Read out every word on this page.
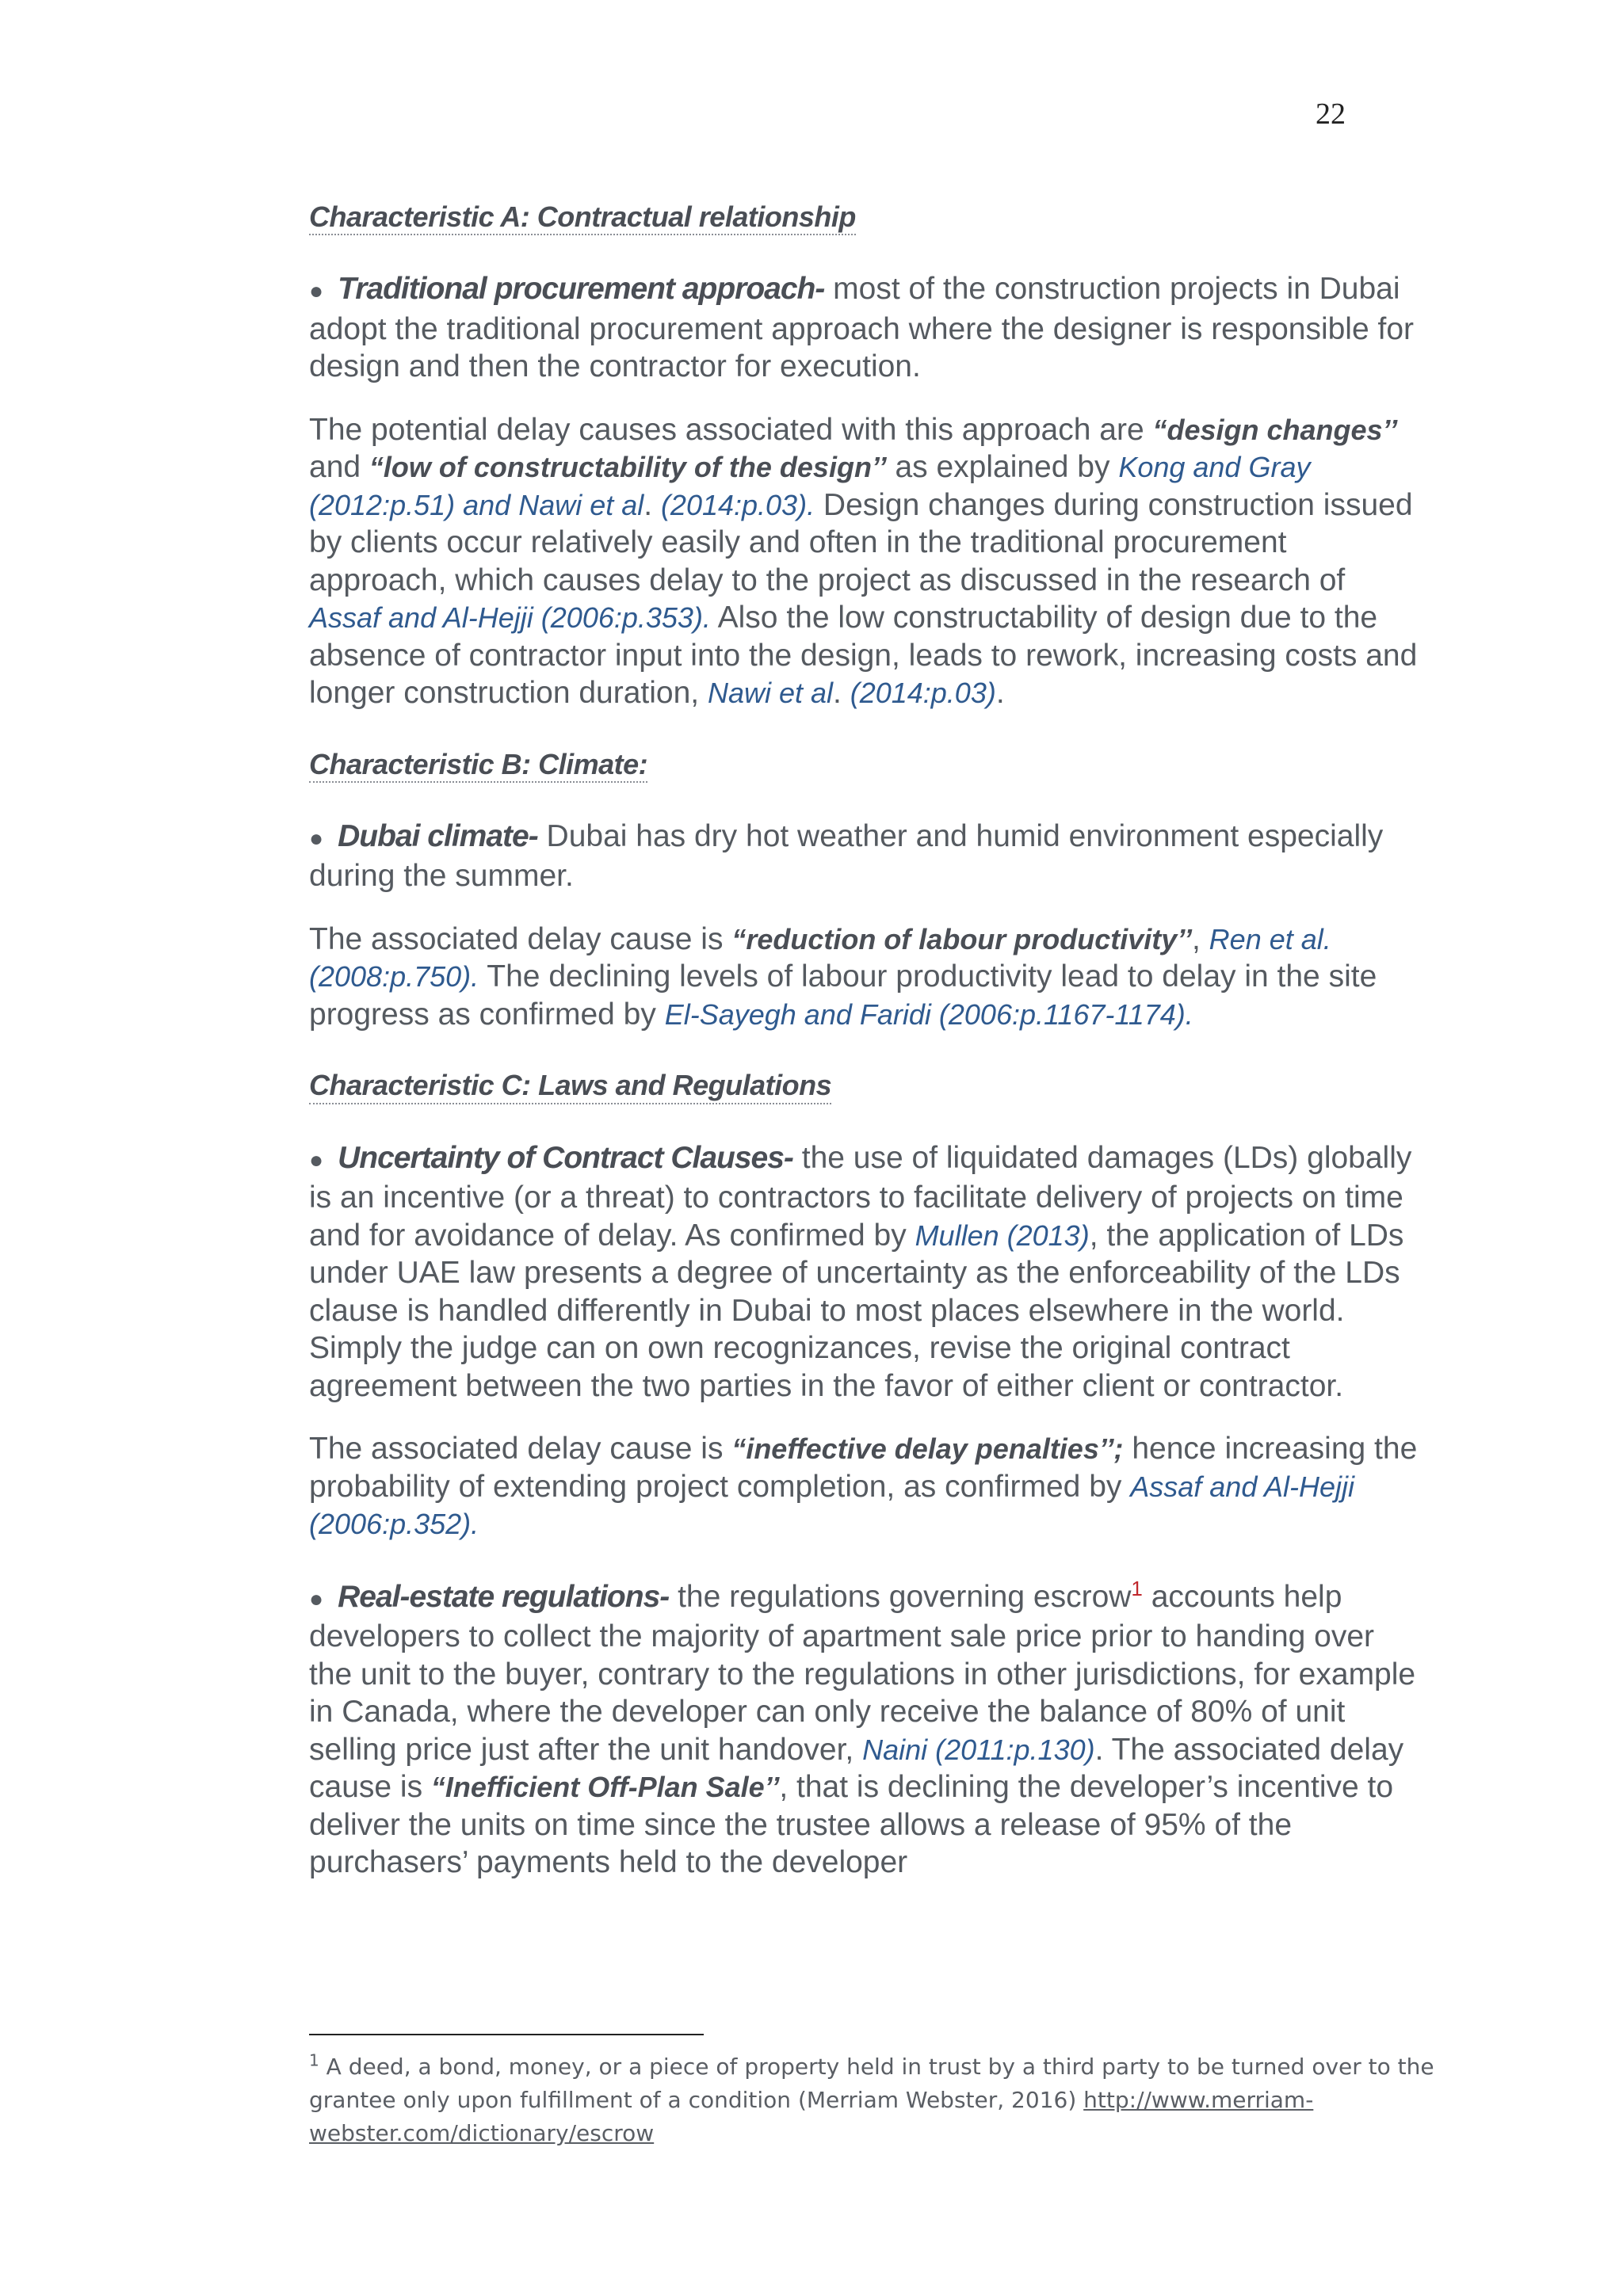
22
Characteristic A: Contractual relationship

● Traditional procurement approach- most of the construction projects in Dubai adopt the traditional procurement approach where the designer is responsible for design and then the contractor for execution.

The potential delay causes associated with this approach are “design changes’’ and “low of constructability of the design’’ as explained by Kong and Gray (2012:p.51) and Nawi et al. (2014:p.03). Design changes during construction issued by clients occur relatively easily and often in the traditional procurement approach, which causes delay to the project as discussed in the research of Assaf and Al-Hejji (2006:p.353). Also the low constructability of design due to the absence of contractor input into the design, leads to rework, increasing costs and longer construction duration, Nawi et al. (2014:p.03).

Characteristic B: Climate:

● Dubai climate- Dubai has dry hot weather and humid environment especially during the summer.

The associated delay cause is “reduction of labour productivity’’, Ren et al. (2008:p.750). The declining levels of labour productivity lead to delay in the site progress as confirmed by El-Sayegh and Faridi (2006:p.1167-1174).

Characteristic C: Laws and Regulations

● Uncertainty of Contract Clauses- the use of liquidated damages (LDs) globally is an incentive (or a threat) to contractors to facilitate delivery of projects on time and for avoidance of delay. As confirmed by Mullen (2013), the application of LDs under UAE law presents a degree of uncertainty as the enforceability of the LDs clause is handled differently in Dubai to most places elsewhere in the world. Simply the judge can on own recognizances, revise the original contract agreement between the two parties in the favor of either client or contractor.

The associated delay cause is “ineffective delay penalties’’; hence increasing the probability of extending project completion, as confirmed by Assaf and Al-Hejji (2006:p.352).

● Real-estate regulations- the regulations governing escrow$^1$ accounts help developers to collect the majority of apartment sale price prior to handing over the unit to the buyer, contrary to the regulations in other jurisdictions, for example in Canada, where the developer can only receive the balance of 80% of unit selling price just after the unit handover, Naini (2011:p.130). The associated delay cause is “Inefficient Off-Plan Sale’’, that is declining the developer’s incentive to deliver the units on time since the trustee allows a release of 95% of the purchasers’ payments held to the developer

$^1$ A deed, a bond, money, or a piece of property held in trust by a third party to be turned over to the grantee only upon fulfillment of a condition (Merriam Webster, 2016) http://www.merriam-webster.com/dictionary/escrow
